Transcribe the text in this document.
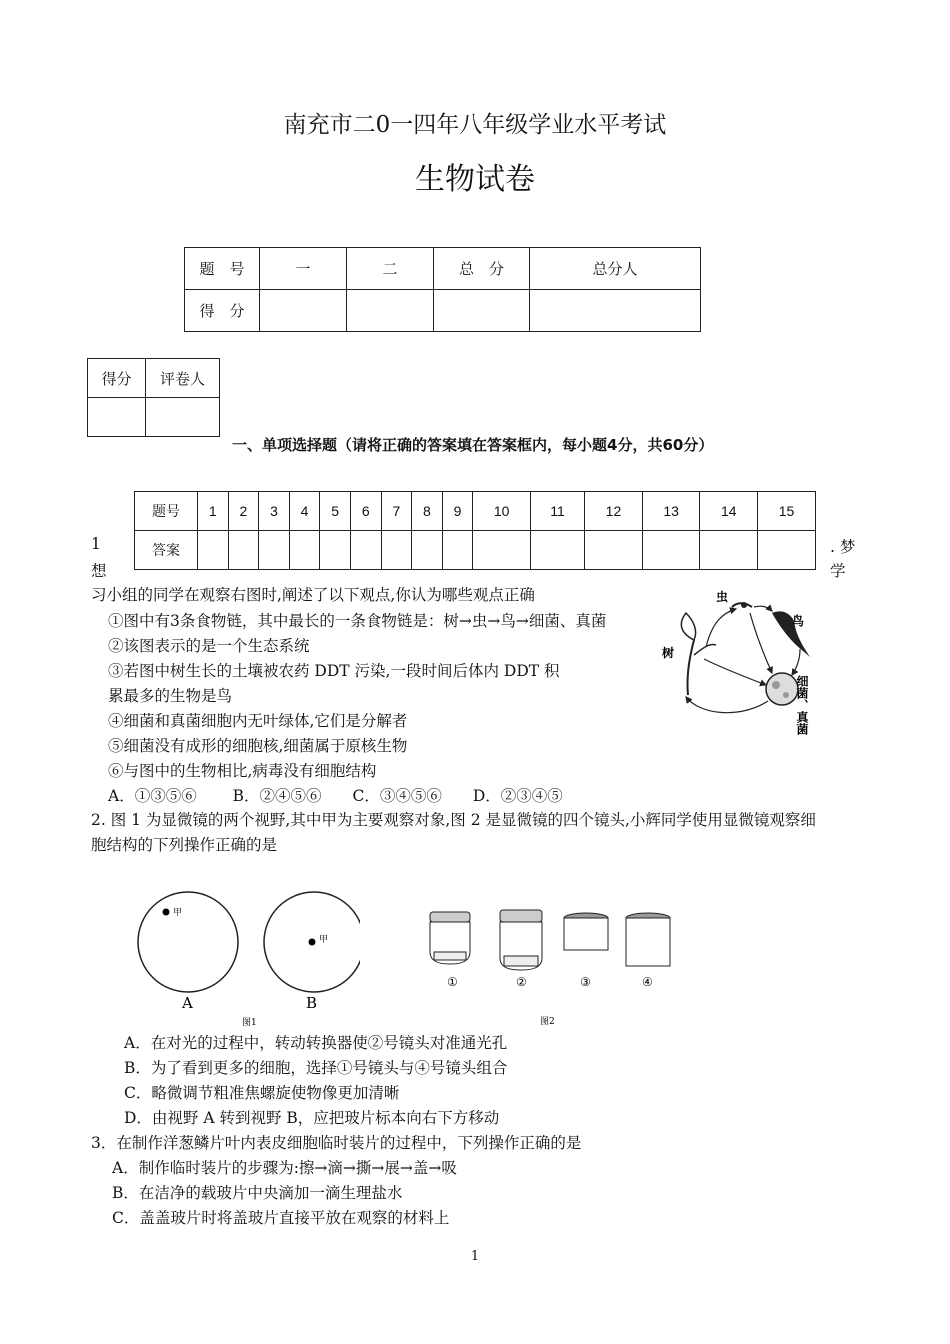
南充市二0一四年八年级学业水平考试
生物试卷
题　号	一	二	总　分	总分人
得　分				
得分	评卷人

一、单项选择题（请将正确的答案填在答案框内，每小题4分，共60分）
题号	1	2	3	4	5	6	7	8	9	10	11	12	13	14	15
答案															
1
想
. 梦
学
习小组的同学在观察右图时,阐述了以下观点,你认为哪些观点正确
①图中有3条食物链，其中最长的一条食物链是：树→虫→鸟→细菌、真菌
②该图表示的是一个生态系统
③若图中树生长的土壤被农药 DDT 污染,一段时间后体内 DDT 积
累最多的生物是鸟
④细菌和真菌细胞内无叶绿体,它们是分解者
⑤细菌没有成形的细胞核,细菌属于原核生物
⑥与图中的生物相比,病毒没有细胞结构
A．①③⑤⑥　　 B．②④⑤⑥　　C．③④⑤⑥　　D．②③④⑤
树
虫
鸟
细菌、真菌
2. 图 1 为显微镜的两个视野,其中甲为主要观察对象,图 2 是显微镜的四个镜头,小辉同学使用显微镜观察细
胞结构的下列操作正确的是
甲
甲
A	B
图1
①	②	③	④
图2
A．在对光的过程中，转动转换器使②号镜头对准通光孔
B．为了看到更多的细胞，选择①号镜头与④号镜头组合
C．略微调节粗准焦螺旋使物像更加清晰
D．由视野 A 转到视野 B，应把玻片标本向右下方移动
3．在制作洋葱鳞片叶内表皮细胞临时装片的过程中，下列操作正确的是
A．制作临时装片的步骤为:擦→滴→撕→展→盖→吸
B．在洁净的载玻片中央滴加一滴生理盐水
C．盖盖玻片时将盖玻片直接平放在观察的材料上
1
